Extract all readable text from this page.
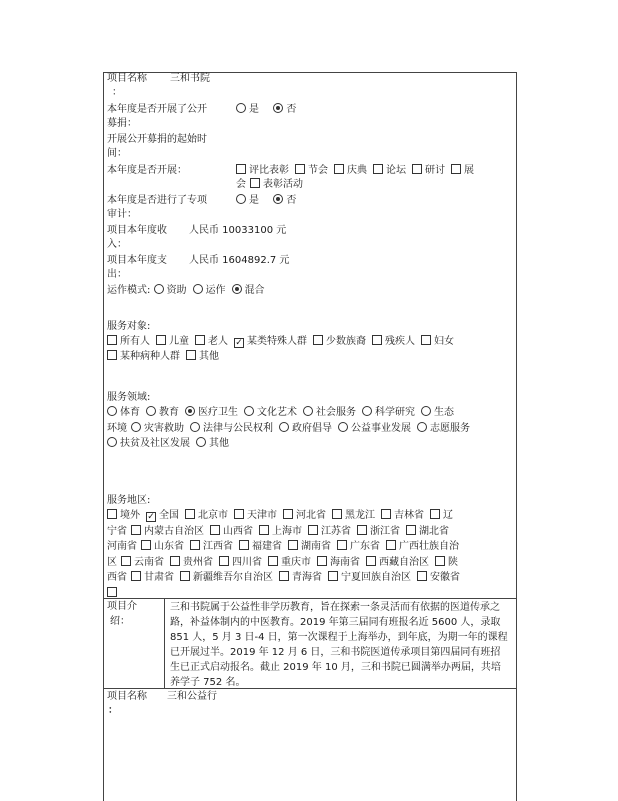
项目名称 三和书院
：
本年度是否开展了公开	是	否
募捐：
开展公开募捐的起始时
间：
本年度是否开展：	评比表彰 节会 庆典 论坛 研讨 展
会 表彰活动
本年度是否进行了专项	是	否
审计：
项目本年度收 人民币 10033100 元
入：
项目本年度支 人民币 1604892.7 元
出：
运作模式: 资助 运作 混合
服务对象:
所有人 儿童 老人 ✓ 某类特殊人群 少数族裔 残疾人 妇女
某种病种人群 其他
服务领域:
体育 教育 医疗卫生 文化艺术 社会服务 科学研究 生态
环境 灾害救助 法律与公民权利 政府倡导 公益事业发展 志愿服务
扶贫及社区发展 其他
服务地区:
境外 ✓ 全国 北京市 天津市 河北省 黑龙江 吉林省 辽
宁省 内蒙古自治区 山西省 上海市 江苏省 浙江省 湖北省
河南省 山东省 江西省 福建省 湖南省 广东省 广西壮族自治
区 云南省 贵州省 四川省 重庆市 海南省 西藏自治区 陕
西省 甘肃省 新疆维吾尔自治区 青海省 宁夏回族自治区 安徽省
项目介
绍：
三和书院属于公益性非学历教育，旨在探索一条灵活而有依据的医道传承之路，补益体制内的中医教育。2019 年第三届同有班报名近 5600 人，录取 851 人，5 月 3 日-4 日，第一次课程于上海举办，到年底，为期一年的课程已开展过半。2019 年 12 月 6 日，三和书院医道传承项目第四届同有班招生已正式启动报名。截止 2019 年 10 月，三和书院已圆满举办两届，共培养学子 752 名。
项目名称 三和公益行
：
